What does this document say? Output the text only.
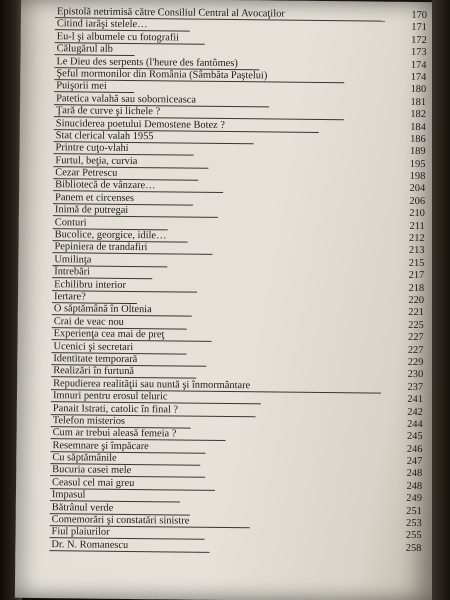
Epistolă netrimisă către Consiliul Central al Avocaţilor	170
Citind iarăşi stelele…	171
Eu-l şi albumele cu fotografii	172
Călugărul alb	173
Le Dieu des serpents (l'heure des fantômes)	174
Şeful mormonilor din România (Sâmbăta Paştelui)	174
Puişorii mei	180
Patetica valahă sau soborniceasca	181
Ţară de curve şi lichele ?	182
Sinuciderea poetului Demostene Botez ?	184
Stat clerical valah 1955	186
Printre cuţo-vlahi	189
Furtul, beţia, curvia	195
Cezar Petrescu	198
Bibliotecă de vânzare…	204
Panem et circenses	206
Inimă de putregai	210
Conturi	211
Bucolice, georgice, idile…	212
Pepiniera de trandafiri	213
Umilinţa	215
Întrebări	217
Echilibru interior	218
Iertare?	220
O săptămână în Oltenia	221
Crai de veac nou	225
Experienţa cea mai de preţ	227
Ucenici şi secretari	227
Identitate temporară	229
Realizări în furtună	230
Repudierea realităţii sau nuntă şi înmormântare	237
Imnuri pentru erosul teluric	241
Panait Istrati, catolic în final ?	242
Telefon misterios	244
Cum ar trebui aleasă femeia ?	245
Resemnare şi împăcare	246
Cu săptămânile	247
Bucuria casei mele	248
Ceasul cel mai greu	248
Impasul	249
Bătrânul verde	251
Comemorări şi constatări sinistre	253
Fiul plaiurilor	255
Dr. N. Romanescu	258
